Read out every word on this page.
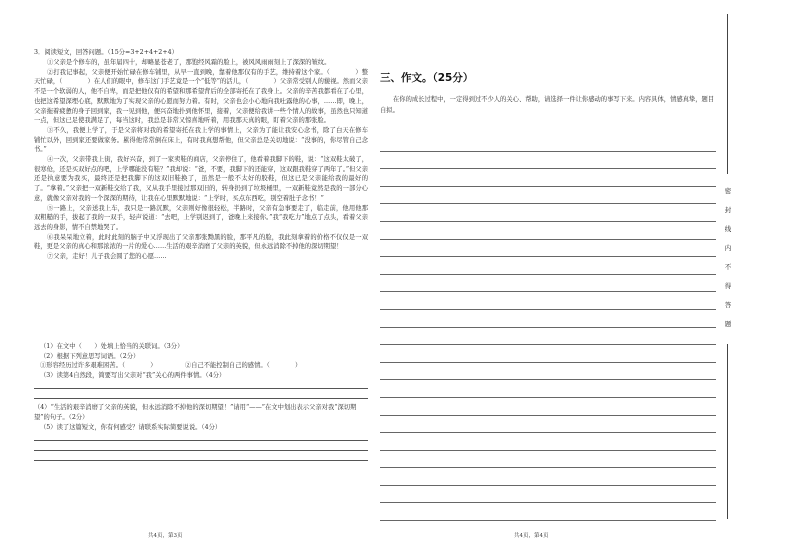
3．阅读短文，回答问题。（15分=3+2+4+2+4）

①父亲是个修车的，虽年届四十，却略显苍老了，那饱经风霜的脸上，被风风雨雨刻上了深深的皱纹。

②打我记事起，父亲便开始忙碌在修车铺里，从早一直到晚，靠着他那仅有的手艺，维持着这个家。（　　　　）整天忙碌，（　　　　）在人们的眼中，修车这门手艺竟是一个“低等”的活儿，（　　　　）父亲常受别人的藐视。然而父亲不是一个软弱的人，他不自卑，而是把他仅有的希望和那希望背后的全部寄托在了我身上。父亲的辛苦我都看在了心里，也把这希望深埋心底，默默地为了实现父亲的心愿而努力着。有时，父亲也会小心地向我吐露他的心事，……即，晚上，父亲拖着疲惫的身子回到家，我一见到他，便兴奋地扑到他怀里，接着，父亲便给我讲一些个情人的故事，虽然也只知道一点，但这已足使我满足了，每当这时，我总是非常又惊喜地听着，用我那天真的眼，盯着父亲的那张脸。

③不久，我便上学了，于是父亲将对我的希望寄托在我上学的事情上，父亲为了能让我安心念书，除了白天在修车铺忙以外，回到家还要做家务。累得他常常倒在床上，有时我真想帮他，但父亲总是关切地说：“没事的，你尽管自己念书。”

④一次，父亲带我上街，我好兴奋，到了一家卖鞋的商店，父亲停住了，他看着我脚下的鞋，说：“这双鞋太破了，很寒伧，还是买双好点的吧，上学哪能没有鞋？”我却说：“爸，不要，我脚下的还能穿，这双跟我鞋穿了两年了。”但父亲还是执意要为我买，最终还是把我脚下的这双旧鞋换了，虽然是一般不太好的胶鞋，但这已是父亲能给我的最好的了。“拿着。”父亲把一双新鞋交给了我，又从我手里接过那双旧的，转身扔到了垃圾桶里，一双新鞋竟然是我的一部分心意，就像父亲对我的一个深深的期待，让我在心里默默地说：“上学时，买点东西吃，别空着肚子念书！”

⑤一路上，父亲送我上车，我只是一路沉默，父亲则好像很轻松，半路时，父亲有急事要走了，临走前，他用他那双粗糙的手，拔起了我的一双手，轻声说道：“去吧，上学别迟到了，爸晚上来接你。”我“我吃力”地点了点头，看着父亲远去的身影，情不自禁地哭了。

⑥我呆呆地立着，此时此刻的脑子中又浮现出了父亲那张黝黑的脸，那平凡的脸，我此刻拿着的价格不仅仅是一双鞋，更是父亲的真心和那浓浓的一片的爱心……生活的艰辛消磨了父亲的英貌，但永远消除不掉他的深切期望！

⑦父亲，走好！儿子我会圆了您的心愿……

（1）在文中（　　）处填上恰当的关联词。（3分）

（2）根据下列意思写词语。（2分）

①形容经历过许多艰难困苦。（　　　　）　　　　　②自己不能控制自己的感情。（　　　　）

（3）读第4自然段，简要写出父亲对“我”关心的两件事情。（4分）

（4）“生活的艰辛消磨了父亲的英貌，但永远消除不掉他的深切期望！”请用“——”在文中划出表示父亲对我“深切期望”的句子。（2分）

（5）读了这篇短文，你有何感受？请联系实际简要说说。（4分）

共4页，第3页
三、作文。（25分）

在你的成长过程中，一定得到过不少人的关心、帮助，请选择一件让你感动的事写下来。内容具体，情感真挚，题目自拟。

共4页，第4页
密
封
线
内
不
得
答
题
